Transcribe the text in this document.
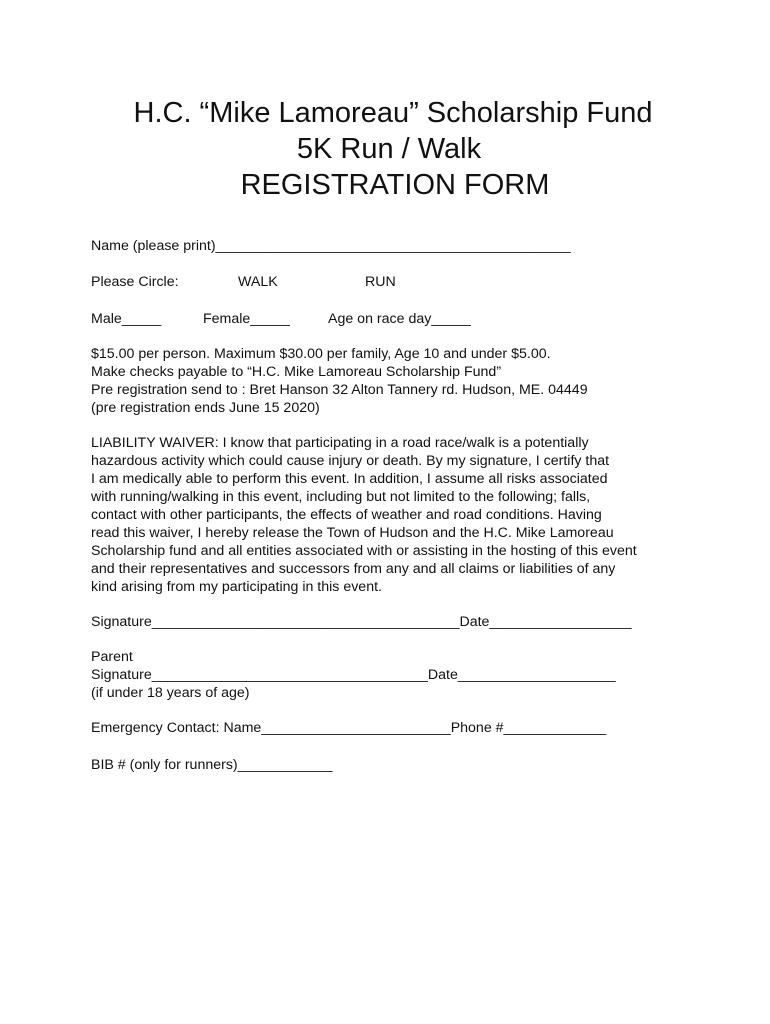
H.C. “Mike Lamoreau” Scholarship Fund
5K Run / Walk
REGISTRATION FORM
Name (please print)_____________________________________________
Please Circle:	WALK	RUN
Male_____	Female_____	Age on race day_____
$15.00 per person. Maximum $30.00 per family, Age 10 and under $5.00.
Make checks payable to “H.C. Mike Lamoreau Scholarship Fund”
Pre registration send to : Bret Hanson 32 Alton Tannery rd. Hudson, ME. 04449
(pre registration ends June 15 2020)
LIABILITY WAIVER: I know that participating in a road race/walk is a potentially
hazardous activity which could cause injury or death. By my signature, I certify that
I am medically able to perform this event. In addition, I assume all risks associated
with running/walking in this event, including but not limited to the following; falls,
contact with other participants, the effects of weather and road conditions. Having
read this waiver, I hereby release the Town of Hudson and the H.C. Mike Lamoreau
Scholarship fund and all entities associated with or assisting in the hosting of this event
and their representatives and successors from any and all claims or liabilities of any
kind arising from my participating in this event.
Signature_______________________________________Date__________________
Parent
Signature___________________________________Date____________________
(if under 18 years of age)
Emergency Contact: Name________________________Phone #_____________
BIB # (only for runners)____________
